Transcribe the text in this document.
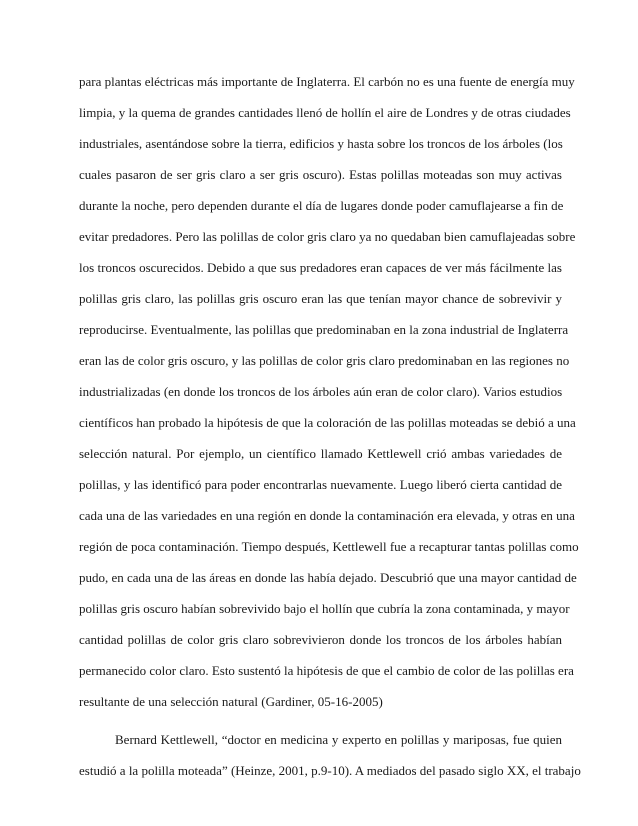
para plantas eléctricas más importante de Inglaterra. El carbón no es una fuente de energía muy
limpia, y la quema de grandes cantidades llenó de hollín el aire de Londres y de otras ciudades
industriales, asentándose sobre la tierra, edificios y hasta sobre los troncos de los árboles (los
cuales pasaron de ser gris claro a ser gris oscuro). Estas polillas moteadas son muy activas
durante la noche, pero dependen durante el día de lugares donde poder camuflajearse a fin de
evitar predadores. Pero las polillas de color gris claro ya no quedaban bien camuflajeadas sobre
los troncos oscurecidos. Debido a que sus predadores eran capaces de ver más fácilmente las
polillas gris claro, las polillas gris oscuro eran las que tenían mayor chance de sobrevivir y
reproducirse. Eventualmente, las polillas que predominaban en la zona industrial de Inglaterra
eran las de color gris oscuro, y las polillas de color gris claro predominaban en las regiones no
industrializadas (en donde los troncos de los árboles aún eran de color claro). Varios estudios
científicos han probado la hipótesis de que la coloración de las polillas moteadas se debió a una
selección natural. Por ejemplo, un científico llamado Kettlewell crió ambas variedades de
polillas, y las identificó para poder encontrarlas nuevamente. Luego liberó cierta cantidad de
cada una de las variedades en una región en donde la contaminación era elevada, y otras en una
región de poca contaminación. Tiempo después, Kettlewell fue a recapturar tantas polillas como
pudo, en cada una de las áreas en donde las había dejado. Descubrió que una mayor cantidad de
polillas gris oscuro habían sobrevivido bajo el hollín que cubría la zona contaminada, y mayor
cantidad polillas de color gris claro sobrevivieron donde los troncos de los árboles habían
permanecido color claro. Esto sustentó la hipótesis de que el cambio de color de las polillas era
resultante de una selección natural (Gardiner, 05-16-2005)
Bernard Kettlewell, “doctor en medicina y experto en polillas y mariposas, fue quien
estudió a la polilla moteada” (Heinze, 2001, p.9-10). A mediados del pasado siglo XX, el trabajo
